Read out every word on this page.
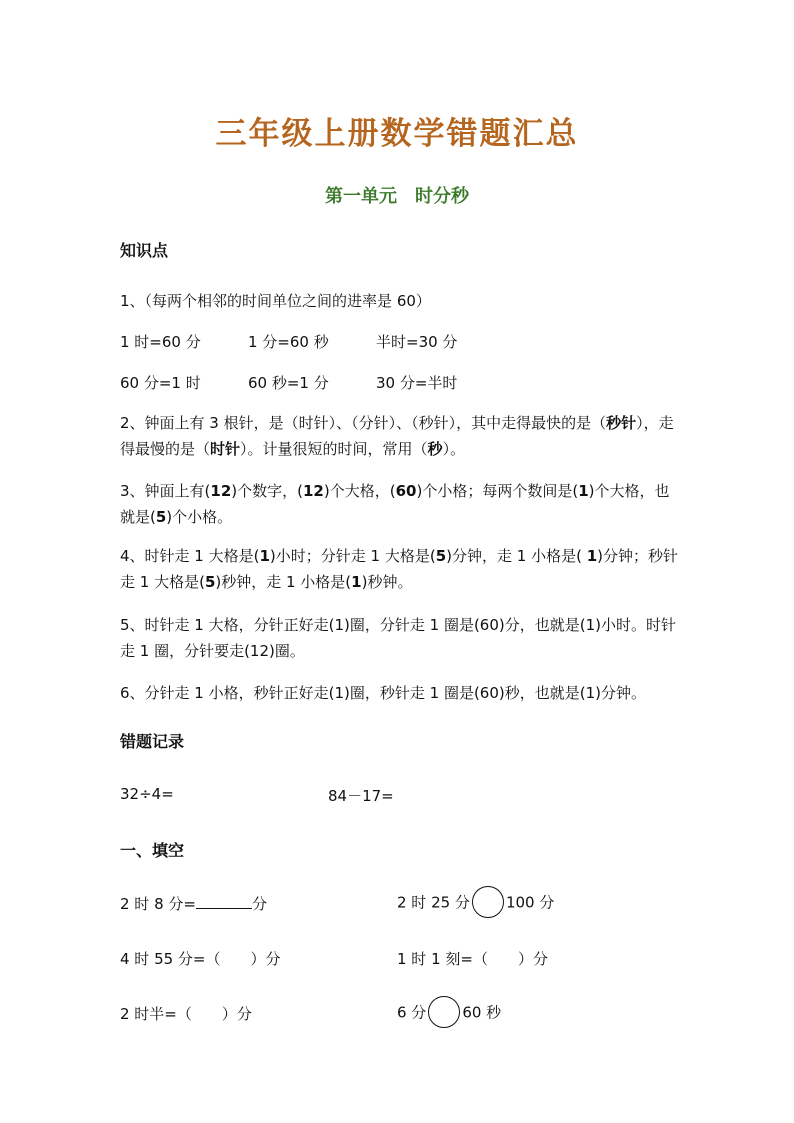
三年级上册数学错题汇总
第一单元 时分秒
知识点
1、（每两个相邻的时间单位之间的进率是 60）
1 时=60 分	1 分=60 秒	半时=30 分
60 分=1 时	60 秒=1 分	30 分=半时
2、钟面上有 3 根针，是（时针）、（分针）、（秒针），其中走得最快的是（秒针），走得最慢的是（时针）。计量很短的时间，常用（秒）。
3、钟面上有(12)个数字，(12)个大格，(60)个小格；每两个数间是(1)个大格，也就是(5)个小格。
4、时针走 1 大格是(1)小时；分针走 1 大格是(5)分钟，走 1 小格是( 1)分钟；秒针走 1 大格是(5)秒钟，走 1 小格是(1)秒钟。
5、时针走 1 大格，分针正好走(1)圈，分针走 1 圈是(60)分，也就是(1)小时。时针走 1 圈，分针要走(12)圈。
6、分针走 1 小格，秒针正好走(1)圈，秒针走 1 圈是(60)秒，也就是(1)分钟。
错题记录
32÷4=	84－17=
一、填空
2 时 8 分=	分	2 时 25 分 100 分
4 时 55 分=（　　）分	1 时 1 刻=（　　）分
2 时半=（　　）分	6 分 60 秒
